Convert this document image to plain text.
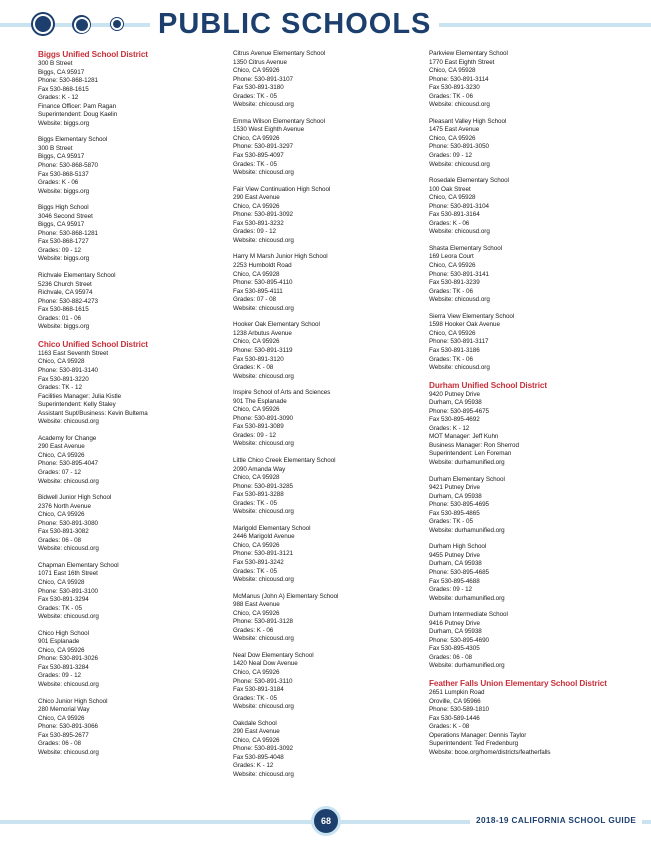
PUBLIC SCHOOLS
Biggs Unified School District
300 B Street
Biggs, CA 95917
Phone: 530-868-1281
Fax 530-868-1615
Grades: K - 12
Finance Officer: Pam Ragan
Superintendent: Doug Kaelin
Website: biggs.org
Biggs Elementary School
300 B Street
Biggs, CA 95917
Phone: 530-868-5870
Fax 530-868-5137
Grades: K - 06
Website: biggs.org
Biggs High School
3046 Second Street
Biggs, CA 95917
Phone: 530-868-1281
Fax 530-868-1727
Grades: 09 - 12
Website: biggs.org
Richvale Elementary School
5236 Church Street
Richvale, CA 95974
Phone: 530-882-4273
Fax 530-868-1615
Grades: 01 - 06
Website: biggs.org
Chico Unified School District
1163 East Seventh Street
Chico, CA 95928
Phone: 530-891-3140
Fax 530-891-3220
Grades: TK - 12
Facilities Manager: Julia Kistle
Superintendent: Kelly Staley
Assistant Supt/Business: Kevin Bultema
Website: chicousd.org
Academy for Change
290 East Avenue
Chico, CA 95926
Phone: 530-895-4047
Grades: 07 - 12
Website: chicousd.org
Bidwell Junior High School
2376 North Avenue
Chico, CA 95926
Phone: 530-891-3080
Fax 530-891-3082
Grades: 06 - 08
Website: chicousd.org
Chapman Elementary School
1071 East 16th Street
Chico, CA 95928
Phone: 530-891-3100
Fax 530-891-3294
Grades: TK - 05
Website: chicousd.org
Chico High School
901 Esplanade
Chico, CA 95926
Phone: 530-891-3026
Fax 530-891-3284
Grades: 09 - 12
Website: chicousd.org
Chico Junior High School
280 Memorial Way
Chico, CA 95926
Phone: 530-891-3066
Fax 530-895-2677
Grades: 06 - 08
Website: chicousd.org
Citrus Avenue Elementary School
1350 Citrus Avenue
Chico, CA 95926
Phone: 530-891-3107
Fax 530-891-3180
Grades: TK - 05
Website: chicousd.org
Emma Wilson Elementary School
1530 West Eighth Avenue
Chico, CA 95926
Phone: 530-891-3297
Fax 530-895-4097
Grades: TK - 05
Website: chicousd.org
Fair View Continuation High School
290 East Avenue
Chico, CA 95926
Phone: 530-891-3092
Fax 530-891-3232
Grades: 09 - 12
Website: chicousd.org
Harry M Marsh Junior High School
2253 Humboldt Road
Chico, CA 95928
Phone: 530-895-4110
Fax 530-895-4111
Grades: 07 - 08
Website: chicousd.org
Hooker Oak Elementary School
1238 Arbutus Avenue
Chico, CA 95926
Phone: 530-891-3119
Fax 530-891-3120
Grades: K - 08
Website: chicousd.org
Inspire School of Arts and Sciences
901 The Esplanade
Chico, CA 95926
Phone: 530-891-3090
Fax 530-891-3089
Grades: 09 - 12
Website: chicousd.org
Little Chico Creek Elementary School
2090 Amanda Way
Chico, CA 95928
Phone: 530-891-3285
Fax 530-891-3288
Grades: TK - 05
Website: chicousd.org
Marigold Elementary School
2446 Marigold Avenue
Chico, CA 95926
Phone: 530-891-3121
Fax 530-891-3242
Grades: TK - 05
Website: chicousd.org
McManus (John A) Elementary School
988 East Avenue
Chico, CA 95926
Phone: 530-891-3128
Grades: K - 06
Website: chicousd.org
Neal Dow Elementary School
1420 Neal Dow Avenue
Chico, CA 95926
Phone: 530-891-3110
Fax 530-891-3184
Grades: TK - 05
Website: chicousd.org
Oakdale School
290 East Avenue
Chico, CA 95926
Phone: 530-891-3092
Fax 530-895-4048
Grades: K - 12
Website: chicousd.org
Parkview Elementary School
1770 East Eighth Street
Chico, CA 95928
Phone: 530-891-3114
Fax 530-891-3230
Grades: TK - 06
Website: chicousd.org
Pleasant Valley High School
1475 East Avenue
Chico, CA 95926
Phone: 530-891-3050
Grades: 09 - 12
Website: chicousd.org
Rosedale Elementary School
100 Oak Street
Chico, CA 95928
Phone: 530-891-3104
Fax 530-891-3164
Grades: K - 06
Website: chicousd.org
Shasta Elementary School
169 Leora Court
Chico, CA 95926
Phone: 530-891-3141
Fax 530-891-3239
Grades: TK - 06
Website: chicousd.org
Sierra View Elementary School
1598 Hooker Oak Avenue
Chico, CA 95926
Phone: 530-891-3117
Fax 530-891-3186
Grades: TK - 06
Website: chicousd.org
Durham Unified School District
9420 Putney Drive
Durham, CA 95938
Phone: 530-895-4675
Fax 530-895-4692
Grades: K - 12
MOT Manager: Jeff Kuhn
Business Manager: Ron Sherrod
Superintendent: Len Foreman
Website: durhamunified.org
Durham Elementary School
9421 Putney Drive
Durham, CA 95938
Phone: 530-895-4695
Fax 530-895-4865
Grades: TK - 05
Website: durhamunified.org
Durham High School
9455 Putney Drive
Durham, CA 95938
Phone: 530-895-4685
Fax 530-895-4688
Grades: 09 - 12
Website: durhamunified.org
Durham Intermediate School
9416 Putney Drive
Durham, CA 95938
Phone: 530-895-4690
Fax 530-895-4305
Grades: 06 - 08
Website: durhamunified.org
Feather Falls Union Elementary School District
2651 Lumpkin Road
Oroville, CA 95966
Phone: 530-589-1810
Fax 530-589-1446
Grades: K - 08
Operations Manager: Dennis Taylor
Superintendent: Ted Fredenburg
Website: bcoe.org/home/districts/featherfalls
68	2018-19 CALIFORNIA SCHOOL GUIDE
